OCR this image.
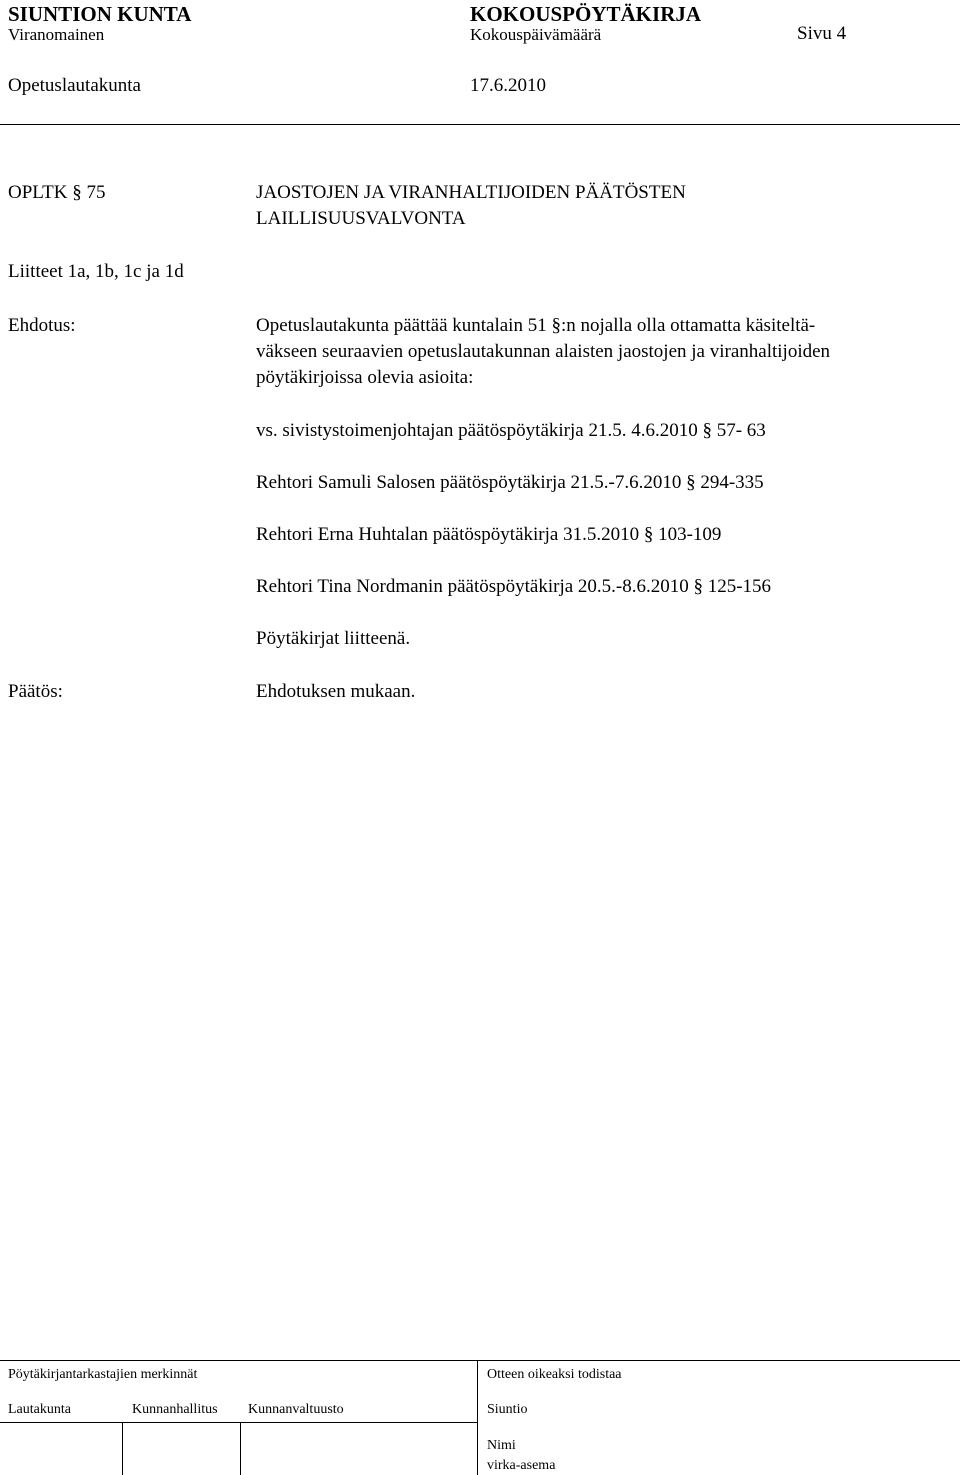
SIUNTION KUNTA	KOKOUSPÖYTÄKIRJA
Viranomainen	Kokouspäivämäärä	Sivu 4
Opetuslautakunta	17.6.2010
OPLTK § 75	JAOSTOJEN JA VIRANHALTIJOIDEN PÄÄTÖSTEN
LAILLISUUSVALVONTA
Liitteet 1a, 1b, 1c ja 1d
Ehdotus:	Opetuslautakunta päättää kuntalain 51 §:n nojalla olla ottamatta käsiteltä-
väkseen seuraavien opetuslautakunnan alaisten jaostojen ja viranhaltijoiden
pöytäkirjoissa olevia asioita:
vs. sivistystoimenjohtajan päätöspöytäkirja 21.5. 4.6.2010 § 57- 63
Rehtori Samuli Salosen päätöspöytäkirja 21.5.-7.6.2010 § 294-335
Rehtori Erna Huhtalan päätöspöytäkirja 31.5.2010 § 103-109
Rehtori Tina Nordmanin päätöspöytäkirja 20.5.-8.6.2010 § 125-156
Pöytäkirjat liitteenä.
Päätös:	Ehdotuksen mukaan.
Pöytäkirjantarkastajien merkinnät	Otteen oikeaksi todistaa
Lautakunta	Kunnanhallitus Kunnanvaltuusto	Siuntio
Nimi
virka-asema
